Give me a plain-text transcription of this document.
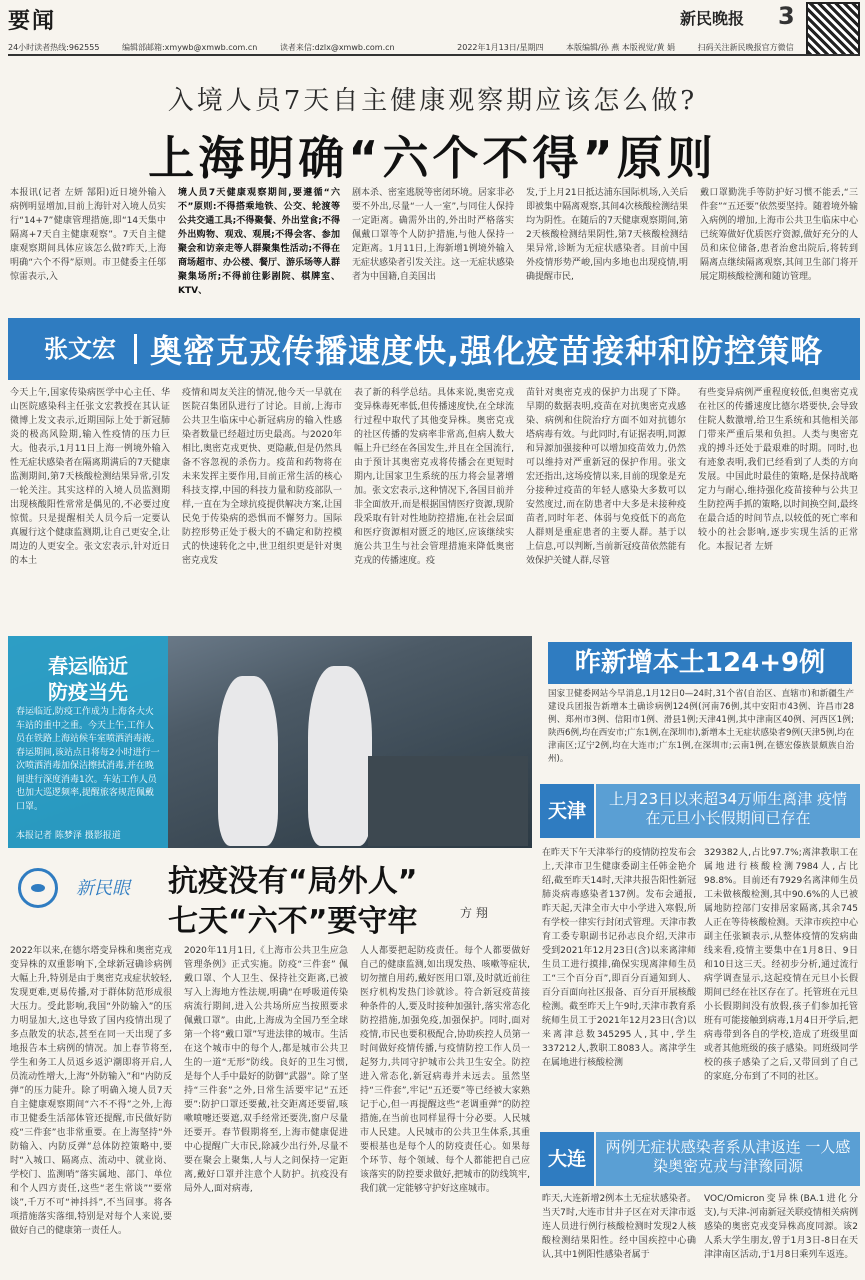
要闻	新民晚报 3
24小时读者热线:962555	编辑部邮箱:xmywb@xmwb.com.cn	读者来信:dzlx@xmwb.com.cn	2022年1月13日/星期四	本版编辑/孙 燕 本版视觉/黄 娟	扫码关注新民晚报官方微信
入境人员7天自主健康观察期应该怎么做?
上海明确“六个不得”原则
本报讯(记者 左妍 郜阳)近日境外输入病例明显增加,目前上海针对入境人员实行“14+7”健康管理措施,即“14天集中隔离+7天自主健康观察”。7天自主健康观察期间具体应该怎么做?昨天,上海明确“六个不得”原则。市卫健委主任邬惊雷表示,入
境人员7天健康观察期间,要遵循“六不”原则:不得搭乘地铁、公交、轮渡等公共交通工具;不得聚餐、外出堂食;不得外出购物、观戏、观展;不得会客、参加聚会和访亲走等人群聚集性活动;不得在商场超市、办公楼、餐厅、游乐场等人群聚集场所;不得前往影剧院、棋牌室、KTV、
剧本杀、密室逃脱等密闭环境。居家非必要不外出,尽量“一人一室”,与同住人保持一定距离。确需外出的,外出时严格落实佩戴口罩等个人防护措施,与他人保持一定距离。1月11日,上海新增1例境外输入无症状感染者引发关注。这一无症状感染者为中国籍,自美国出
发,于上月21日抵达浦东国际机场,入关后即被集中隔离观察,其间4次核酸检测结果均为阴性。在随后的7天健康观察期间,第2天核酸检测结果阴性,第7天核酸检测结果异常,诊断为无症状感染者。目前中国外疫情形势严峻,国内多地也出现疫情,明确提醒市民,
戴口罩勤洗手等防护好习惯不能丢,“三件套”“五还要”依然要坚持。随着境外输入病例的增加,上海市公共卫生临床中心已统筹做好优质医疗资源,做好充分的人员和床位储备,患者治愈出院后,将转到隔离点继续隔离观察,其间卫生部门将开展定期核酸检测和随访管理。
张文宏 奥密克戎传播速度快,强化疫苗接种和防控策略
今天上午,国家传染病医学中心主任、华山医院感染科主任张文宏教授在其认证微博上发文表示,近期国际上处于新冠肺炎的极高风险期,输入性疫情的压力巨大。他表示,1月11日上海一例境外输入性无症状感染者在隔离期满后的7天健康监测期间,第7天核酸检测结果异常,引发一轮关注。其实这样的入境人员监测期出现核酸阳性常常是偶见的,不必要过度惊慌。只是提醒相关人员今后一定要认真履行这个健康监测期,让自己更安全,让周边的人更安全。张文宏表示,针对近日的本土
疫情和周友关注的情况,他今天一早就在医院召集团队进行了讨论。目前,上海市公共卫生临床中心新冠病房的输入性感染者数量已经超过历史最高。与2020年相比,奥密克戎更快、更隐蔽,但是仍然具备不容忽视的杀伤力。疫苗和药物将在未来发挥主要作用,目前正常生活的核心科技支撑,中国的科技力量和防疫部队一样,一直在为全球抗疫提供解决方案,让国民免于传染病的恐惧而不懈努力。国际防控形势正处于极大的不确定和防控模式的快速转化之中,世卫组织更是针对奥密克戎发
表了新的科学总结。具体来说,奥密克戎变异株毒死率低,但传播速度快,在全球流行过程中取代了其他变异株。奥密克戎的社区传播的发病率非常高,但病人数大幅上升已经在各国发生,并且在全国流行,由于预计其奥密克戎将传播会在更短时期内,让国家卫生系统的压力将会显著增加。张文宏表示,这种情况下,各国目前并非全面放开,而是根据国情医疗资源,现阶段采取有针对性地防控措施,在社会层面和医疗资源相对匮乏的地区,应该继续实施公共卫生与社会管理措施来降低奥密克戎的传播速度。疫
苗针对奥密克戎的保护力出现了下降。早期的数据表明,疫苗在对抗奥密克戎感染、病例和住院治疗方面不如对抗德尔塔病毒有效。与此同时,有证据表明,同源和异源加强接种可以增加疫苗效力,仍然可以维持对严重新冠的保护作用。张文宏还指出,这场疫情以来,目前的现象是充分接种过疫苗的年轻人感染大多数可以安然度过,而在防患者中大多是未接种疫苗者,同时年老、体弱与免疫低下的高危人群则是重症患者的主要人群。基于以上信息,可以判断,当前新冠疫苗依然能有效保护关键人群,尽管
有些变异病例严重程度较低,但奥密克戎在社区的传播速度比德尔塔要快,会导致住院人数激增,给卫生系统和其他相关部门带来严重后果和负担。人类与奥密克戎的搏斗还处于最艰难的时期。同时,也有迹象表明,我们已经看到了人类的方向发展。中国此时最佳的策略,是保持战略定力与耐心,维持强化疫苗接种与公共卫生防控两手抓的策略,以时间换空间,最终在最合适的时间节点,以较低的死亡率和较小的社会影响,逐步实现生活的正常化。本报记者 左妍
春运临近
防疫当先
春运临近,防疫工作成为上海各大火车站的重中之重。今天上午,工作人员在铁路上海站候车室喷洒消毒液。春运期间,该站点日将每2小时进行一次喷洒消毒加保洁擦拭消毒,并在晚间进行深度消毒1次。车站工作人员也加大巡逻频率,提醒旅客规范佩戴口罩。
本报记者 陈梦泽 摄影报道
昨新增本土124+9例
国家卫健委网站今早消息,1月12日0—24时,31个省(自治区、直辖市)和新疆生产建设兵团报告新增本土确诊病例124例(河南76例,其中安阳市43例、许昌市28例、郑州市3例、信阳市1例、滑县1例;天津41例,其中津南区40例、河西区1例;陕西6例,均在西安市;广东1例,在深圳市),新增本土无症状感染者9例(天津5例,均在津南区;辽宁2例,均在大连市;广东1例,在深圳市;云南1例,在德宏傣族景颇族自治州)。
天津
上月23日以来超34万师生离津 疫情在元旦小长假期间已存在
在昨天下午天津举行的疫情防控发布会上,天津市卫生健康委副主任韩金艳介绍,截至昨天14时,天津共报告阳性新冠肺炎病毒感染者137例。发布会通报,昨天起,天津全市大中小学进入寒假,所有学校一律实行封闭式管理。天津市教育工委专职副书记孙志良介绍,天津市受到2021年12月23日(含)以来离津师生员工进行摸排,确保实现离津师生员工“三个百分百”,即百分百通知到人、百分百面向社区报备、百分百开展核酸检测。截至昨天上午9时,天津市教育系统师生员工于2021年12月23日(含)以来离津总数345295人,其中,学生337212人,教职工8083人。离津学生在属地进行核酸检测
329382人,占比97.7%;离津教职工在属地进行核酸检测7984人,占比98.8%。目前还有7929名离津师生员工未做核酸检测,其中90.6%的人已被属地防控部门安排居家隔离,其余745人正在等待核酸检测。天津市疾控中心副主任张颖表示,从整体疫情的发病曲线来看,疫情主要集中在1月8日、9日和10日这三天。经初步分析,通过流行病学调查显示,这起疫情在元旦小长假期间已经在社区存在了。托管班在元旦小长假期间没有放假,孩子们参加托管班有可能接触到病毒,1月4日开学后,把病毒带到各自的学校,造成了班级里面或者其他班级的孩子感染。同班级同学校的孩子感染了之后,又带回到了自己的家庭,分布到了不同的社区。
新民眼 抗疫没有“局外人”
七天“六不”要守牢	方 翔
2022年以来,在德尔塔变异株和奥密克戎变异株的双重影响下,全球新冠确诊病例大幅上升,特别是由于奥密克戎症状较轻,发现更难,更易传播,对于群体防范形成很大压力。受此影响,我国“外防输入”的压力明显加大,这也导致了国内疫情出现了多点散发的状态,甚至在同一天出现了多地报告本土病例的情况。加上春节将至,学生和务工人员返乡返沪潮即将开启,人员流动性增大,上海“外防输入”和“内防反弹”的压力陡升。除了明确入境人员7天自主健康观察期间“六不不得”之外,上海市卫健委生活部体管还提醒,市民做好防疫“三件套”也非常重要。在上海坚持“外防输入、内防反弹”总体防控策略中,要时“入城口、隔离点、流动中、就业岗、学校门、监测哨”落实属地、部门、单位和个人四方责任,这些“老生常谈”“要常谈”,千万不可“神抖抖”,不当回事。将各项措施落实落细,特别是对每个人来说,要做好自己的健康第一责任人。
2020年11月1日,《上海市公共卫生应急管理条例》正式实施。防疫“三件套” 佩戴口罩、个人卫生、保持社交距离,已被写入上海地方性法规,明确“在呼吸道传染病流行期间,进入公共场所应当按照要求佩戴口罩”。由此,上海成为全国乃至全球第一个将“戴口罩”写进法律的城市。生活在这个城市中的每个人,都是城市公共卫生的一道“无形”防线。良好的卫生习惯,是每个人手中最好的防御“武器”。除了坚持“三件套”之外,日常生活要牢记“五还要”:防护口罩还要戴,社交距离还要留,咳嗽喷嚏还要遮,双手经常还要洗,窗户尽量还要开。春节假期将至,上海市健康促进中心提醒广大市民,除减少出行外,尽量不要在聚会上聚集,人与人之间保持一定距离,戴好口罩并注意个人防护。抗疫没有局外人,面对病毒,
人人都要把起防疫责任。每个人都要做好自己的健康监测,如出现发热、咳嗽等症状,切勿擅自用药,戴好医用口罩,及时就近前往医疗机构发热门诊就诊。符合新冠疫苗接种条件的人,要及时接种加强针,落实常态化防控措施,加强免疫,加强保护。同时,面对疫情,市民也要积极配合,协助疾控人员第一时间做好疫情传播,与疫情防控工作人员一起努力,共同守护城市公共卫生安全。防控进入常态化,新冠病毒并未远去。虽然坚持“三件套”,牢记“五还要”等已经被大家熟记于心,但一再提醒这些“老调重弹”的防控措施,在当前也同样显得十分必要。人民城市人民建。人民城市的公共卫生体系,其重要根基也是每个人的防疫责任心。如果每个环节、每个领域、每个人都能把自己应该落实的防控要求做好,把城市的防线筑牢,我们就一定能够守护好这座城市。
大连
两例无症状感染者系从津返连 一人感染奥密克戎与津豫同源
昨天,大连新增2例本土无症状感染者。当天7时,大连市甘井子区在对天津市返连人员进行例行核酸检测时发现2人核酸检测结果阳性。经中国疾控中心确认,其中1例阳性感染者属于
VOC/Omicron变异株(BA.1进化分支),与天津-河南新冠关联疫情相关病例感染的奥密克戎变异株高度同源。该2人系大学生朋友,曾于1月3日-8日在天津津南区活动,于1月8日乘列车返连。
